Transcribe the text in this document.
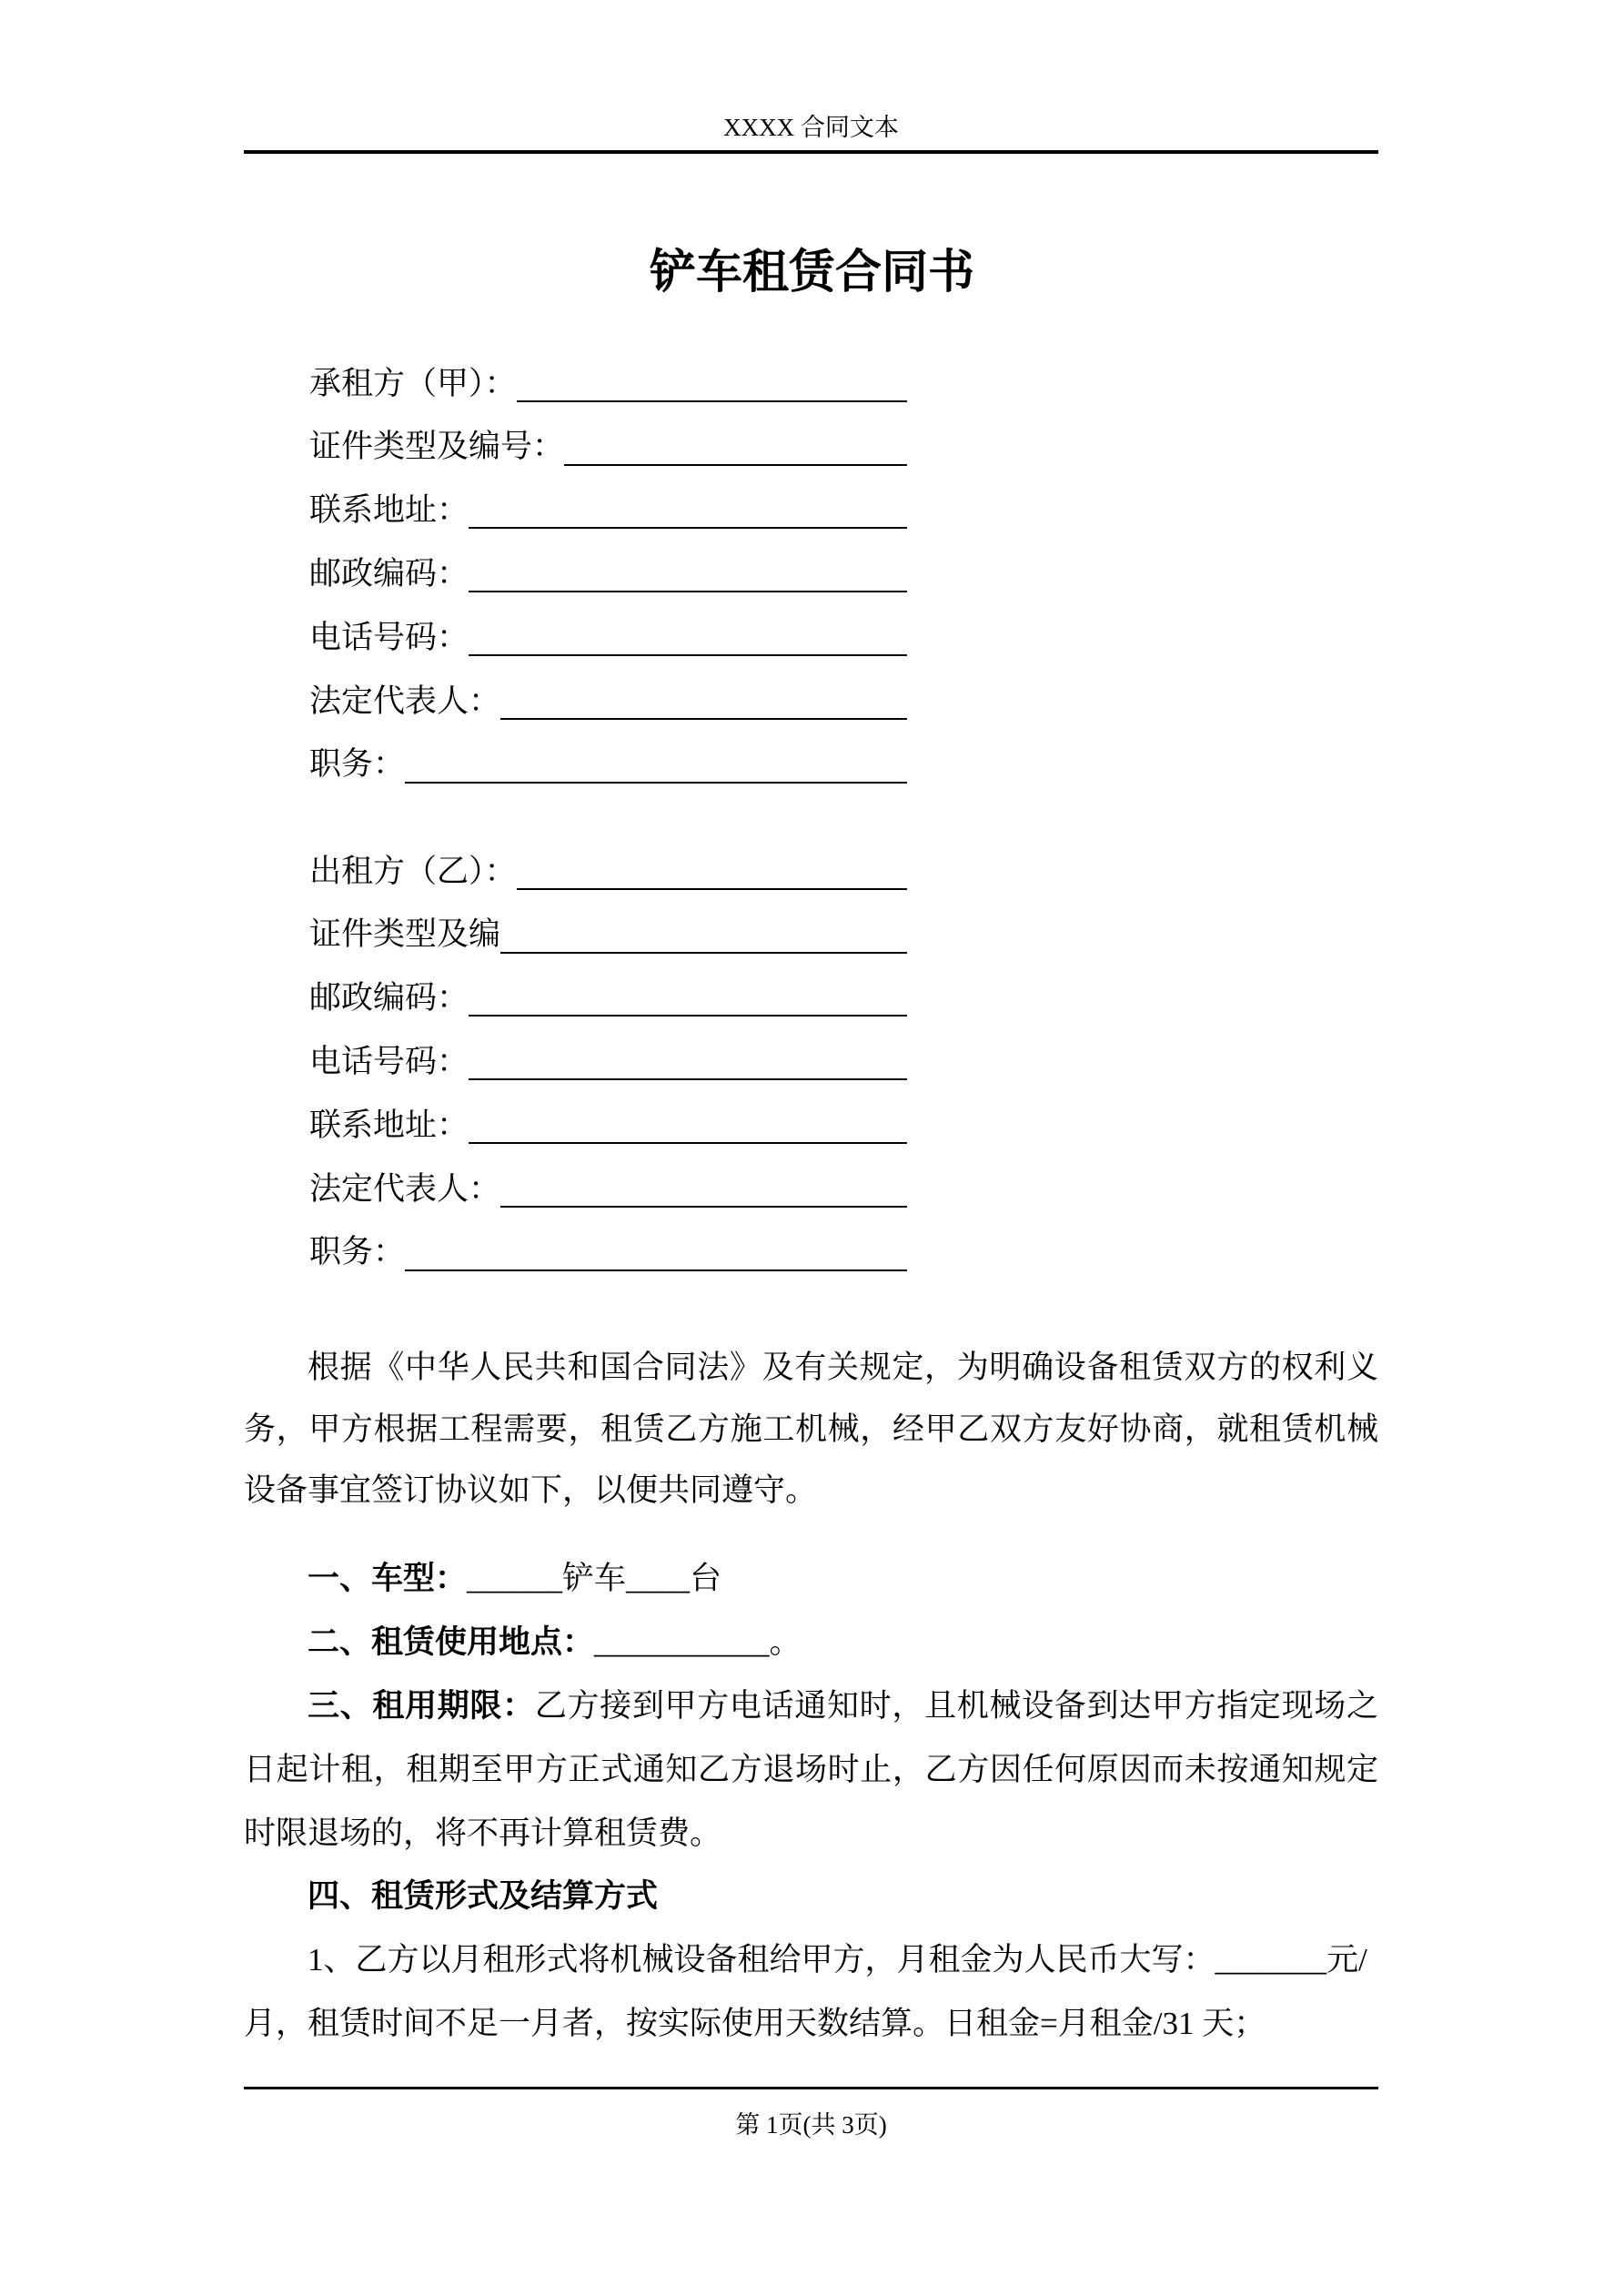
XXXX 合同文本
铲车租赁合同书
承租方（甲）：
证件类型及编号：
联系地址：
邮政编码：
电话号码：
法定代表人：
职务：
出租方（乙）：
证件类型及编
邮政编码：
电话号码：
联系地址：
法定代表人：
职务：
根据《中华人民共和国合同法》及有关规定，为明确设备租赁双方的权利义
务，甲方根据工程需要，租赁乙方施工机械，经甲乙双方友好协商，就租赁机械
设备事宜签订协议如下，以便共同遵守。
一、车型：______铲车____台
二、租赁使用地点：___________。
三、租用期限：乙方接到甲方电话通知时，且机械设备到达甲方指定现场之
日起计租，租期至甲方正式通知乙方退场时止，乙方因任何原因而未按通知规定
时限退场的，将不再计算租赁费。
四、租赁形式及结算方式
1、乙方以月租形式将机械设备租给甲方，月租金为人民币大写：_______元/
月，租赁时间不足一月者，按实际使用天数结算。日租金=月租金/31 天；
第 1页(共 3页)
